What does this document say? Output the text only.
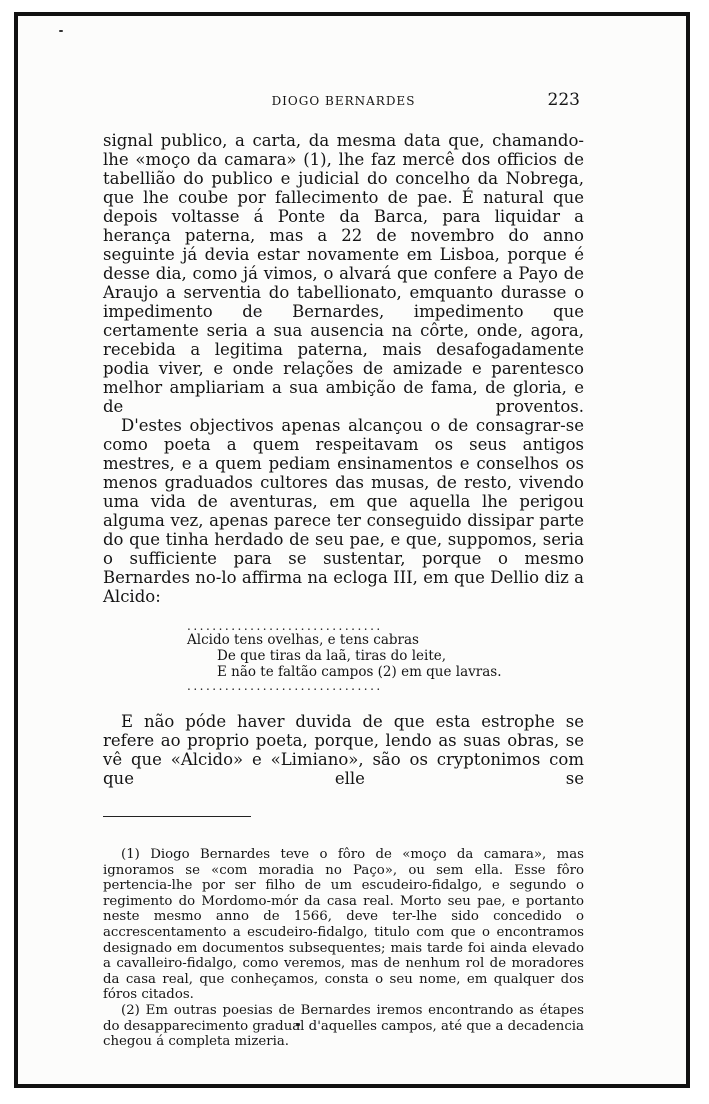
DIOGO BERNARDES	223

signal publico, a carta, da mesma data que, chamando-lhe «moço da camara» (1), lhe faz mercê dos officios de tabellião do publico e judicial do concelho da Nobrega, que lhe coube por fallecimento de pae. É natural que depois voltasse á Ponte da Barca, para liquidar a herança paterna, mas a 22 de novembro do anno seguinte já devia estar novamente em Lisboa, porque é desse dia, como já vimos, o alvará que confere a Payo de Araujo a serventia do tabellionato, emquanto durasse o impedimento de Bernardes, impedimento que certamente seria a sua ausencia na côrte, onde, agora, recebida a legitima paterna, mais desafogadamente podia viver, e onde relações de amizade e parentesco melhor ampliariam a sua ambição de fama, de gloria, e de proventos.

D'estes objectivos apenas alcançou o de consagrar-se como poeta a quem respeitavam os seus antigos mestres, e a quem pediam ensinamentos e conselhos os menos graduados cultores das musas, de resto, vivendo uma vida de aventuras, em que aquella lhe perigou alguma vez, apenas parece ter conseguido dissipar parte do que tinha herdado de seu pae, e que, suppomos, seria o sufficiente para se sustentar, porque o mesmo Bernardes no-lo affirma na ecloga III, em que Dellio diz a Alcido:

...............................
Alcido tens ovelhas, e tens cabras
De que tiras da laã, tiras do leite,
E não te faltão campos (2) em que lavras.
...............................

E não póde haver duvida de que esta estrophe se refere ao proprio poeta, porque, lendo as suas obras, se vê que «Alcido» e «Limiano», são os cryptonimos com que elle se

(1) Diogo Bernardes teve o fôro de «moço da camara», mas ignoramos se «com moradia no Paço», ou sem ella. Esse fôro pertencia-lhe por ser filho de um escudeiro-fidalgo, e segundo o regimento do Mordomo-mór da casa real. Morto seu pae, e portanto neste mesmo anno de 1566, deve ter-lhe sido concedido o accrescentamento a escudeiro-fidalgo, titulo com que o encontramos designado em documentos subsequentes; mais tarde foi ainda elevado a cavalleiro-fidalgo, como veremos, mas de nenhum rol de moradores da casa real, que conheçamos, consta o seu nome, em qualquer dos fóros citados.

(2) Em outras poesias de Bernardes iremos encontrando as étapes do desapparecimento gradual d'aquelles campos, até que a decadencia chegou á completa mizeria.
